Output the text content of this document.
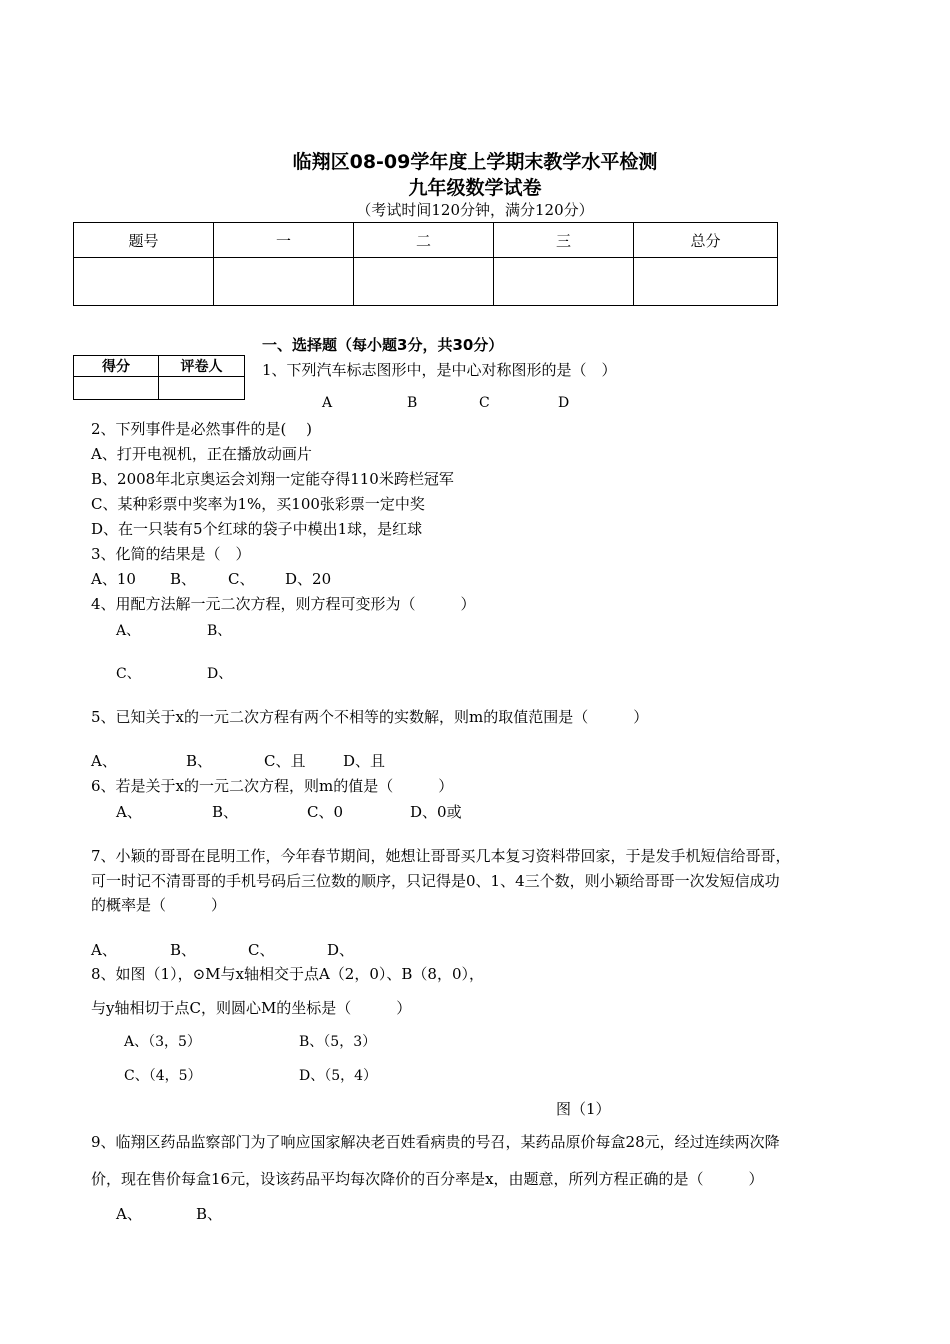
临翔区08-09学年度上学期末教学水平检测
九年级数学试卷
（考试时间120分钟，满分120分）
题号	一	二	三	总分

一、选择题（每小题3分，共30分）
得分	评卷人
		1、下列汽车标志图形中，是中心对称图形的是（　）
A	B	C	D
2、下列事件是必然事件的是(　 )
A、打开电视机，正在播放动画片
B、2008年北京奥运会刘翔一定能夺得110米跨栏冠军
C、某种彩票中奖率为1%，买100张彩票一定中奖
D、在一只装有5个红球的袋子中模出1球，是红球
3、化简的结果是（　）
A、10 B、 C、 D、20
4、用配方法解一元二次方程，则方程可变形为（　　　）
A、	B、
C、	D、
5、已知关于x的一元二次方程有两个不相等的实数解，则m的取值范围是（　　　）
A、	B、	C、且	D、且
6、若是关于x的一元二次方程，则m的值是（　　　）
A、	B、	C、0	D、0或
7、小颖的哥哥在昆明工作，今年春节期间，她想让哥哥买几本复习资料带回家，于是发手机短信给哥哥，
可一时记不清哥哥的手机号码后三位数的顺序，只记得是0、1、4三个数，则小颖给哥哥一次发短信成功
的概率是（　　　）
A、	B、	C、	D、
8、如图（1），⊙M与x轴相交于点A（2，0）、B（8，0），
与y轴相切于点C，则圆心M的坐标是（　　　）
A、（3，5）	B、（5，3）
C、（4，5）	D、（5，4）
图（1）
9、临翔区药品监察部门为了响应国家解决老百姓看病贵的号召，某药品原价每盒28元，经过连续两次降
价，现在售价每盒16元，设该药品平均每次降价的百分率是x，由题意，所列方程正确的是（　　　）
A、	B、
